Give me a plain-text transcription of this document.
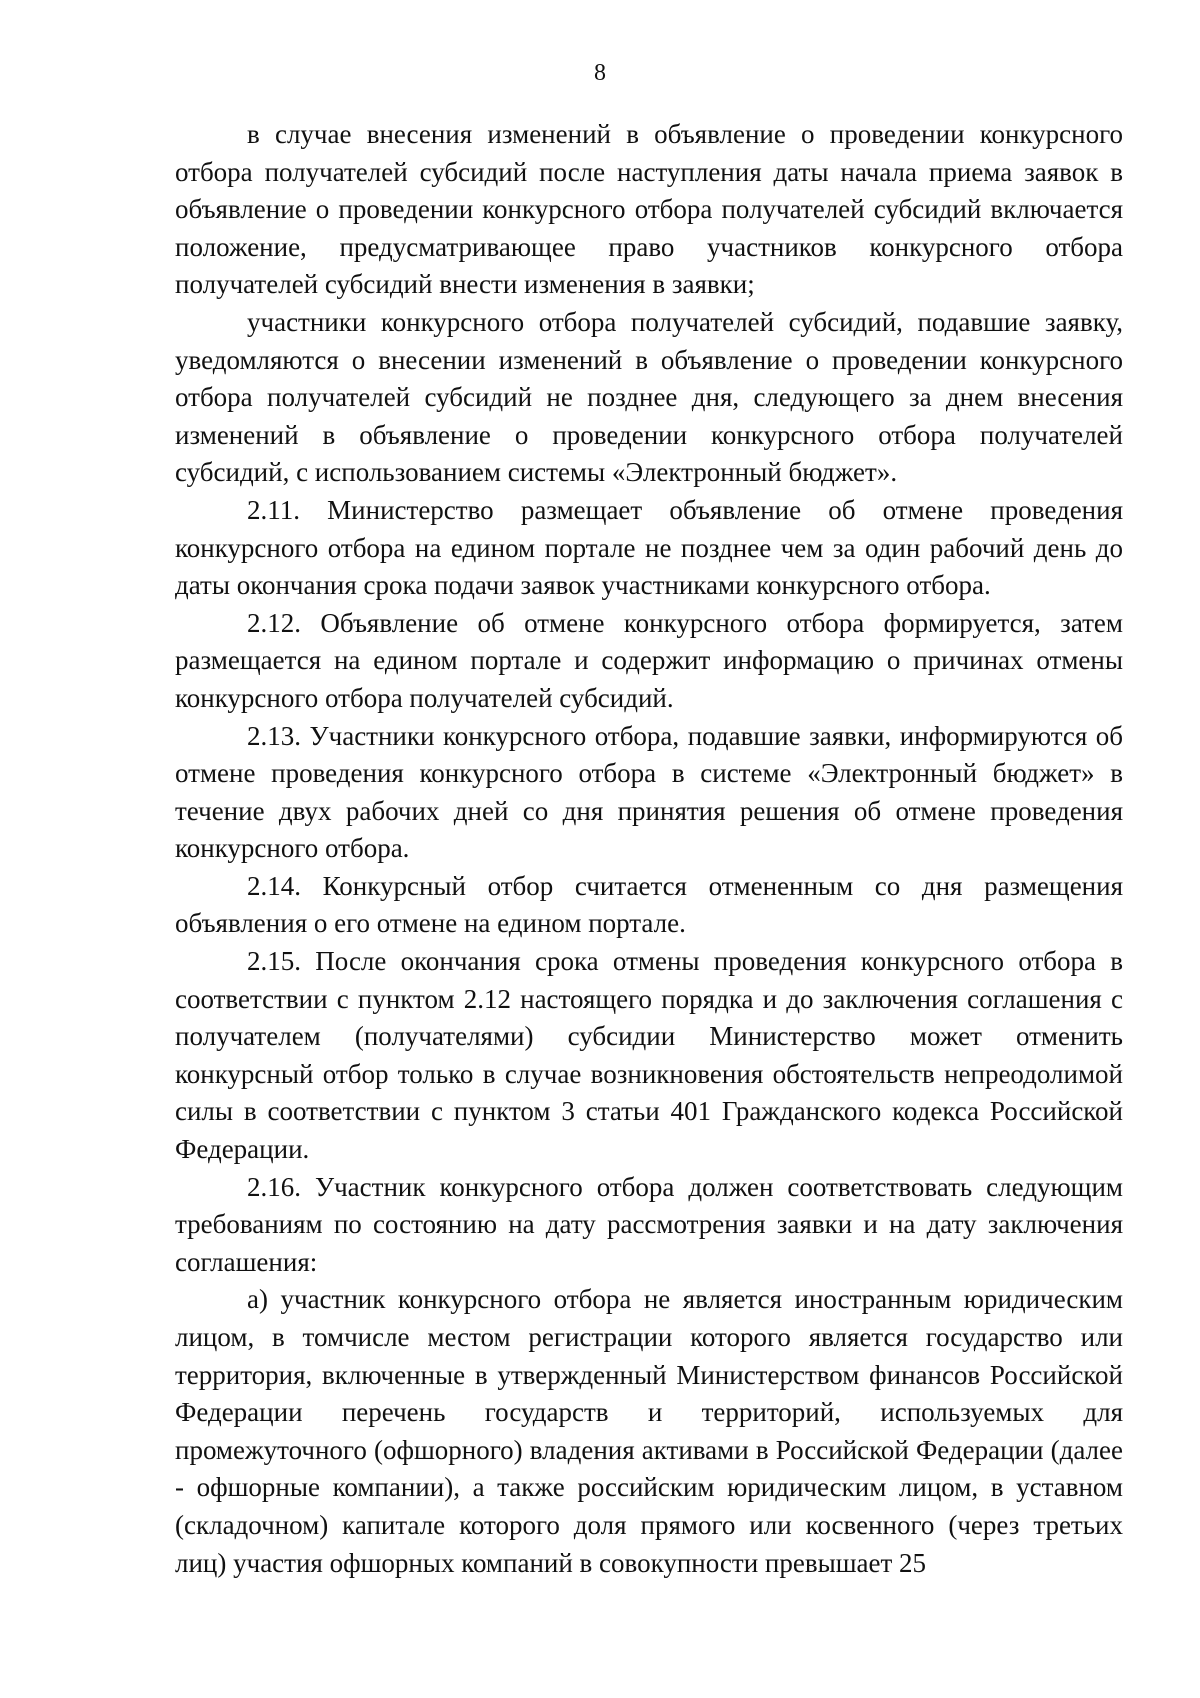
8

в случае внесения изменений в объявление о проведении конкурсного отбора получателей субсидий после наступления даты начала приема заявок в объявление о проведении конкурсного отбора получателей субсидий включается положение, предусматривающее право участников конкурсного отбора получателей субсидий внести изменения в заявки;

участники конкурсного отбора получателей субсидий, подавшие заявку, уведомляются о внесении изменений в объявление о проведении конкурсного отбора получателей субсидий не позднее дня, следующего за днем внесения изменений в объявление о проведении конкурсного отбора получателей субсидий, с использованием системы «Электронный бюджет».

2.11. Министерство размещает объявление об отмене проведения конкурсного отбора на едином портале не позднее чем за один рабочий день до даты окончания срока подачи заявок участниками конкурсного отбора.

2.12. Объявление об отмене конкурсного отбора формируется, затем размещается на едином портале и содержит информацию о причинах отмены конкурсного отбора получателей субсидий.

2.13. Участники конкурсного отбора, подавшие заявки, информируются об отмене проведения конкурсного отбора в системе «Электронный бюджет» в течение двух рабочих дней со дня принятия решения об отмене проведения конкурсного отбора.

2.14. Конкурсный отбор считается отмененным со дня размещения объявления о его отмене на едином портале.

2.15. После окончания срока отмены проведения конкурсного отбора в соответствии с пунктом 2.12 настоящего порядка и до заключения соглашения с получателем (получателями) субсидии Министерство может отменить конкурсный отбор только в случае возникновения обстоятельств непреодолимой силы в соответствии с пунктом 3 статьи 401 Гражданского кодекса Российской Федерации.

2.16. Участник конкурсного отбора должен соответствовать следующим требованиям по состоянию на дату рассмотрения заявки и на дату заключения соглашения:

а) участник конкурсного отбора не является иностранным юридическим лицом, в томчисле местом регистрации которого является государство или территория, включенные в утвержденный Министерством финансов Российской Федерации перечень государств и территорий, используемых для промежуточного (офшорного) владения активами в Российской Федерации (далее - офшорные компании), а также российским юридическим лицом, в уставном (складочном) капитале которого доля прямого или косвенного (через третьих лиц) участия офшорных компаний в совокупности превышает 25
